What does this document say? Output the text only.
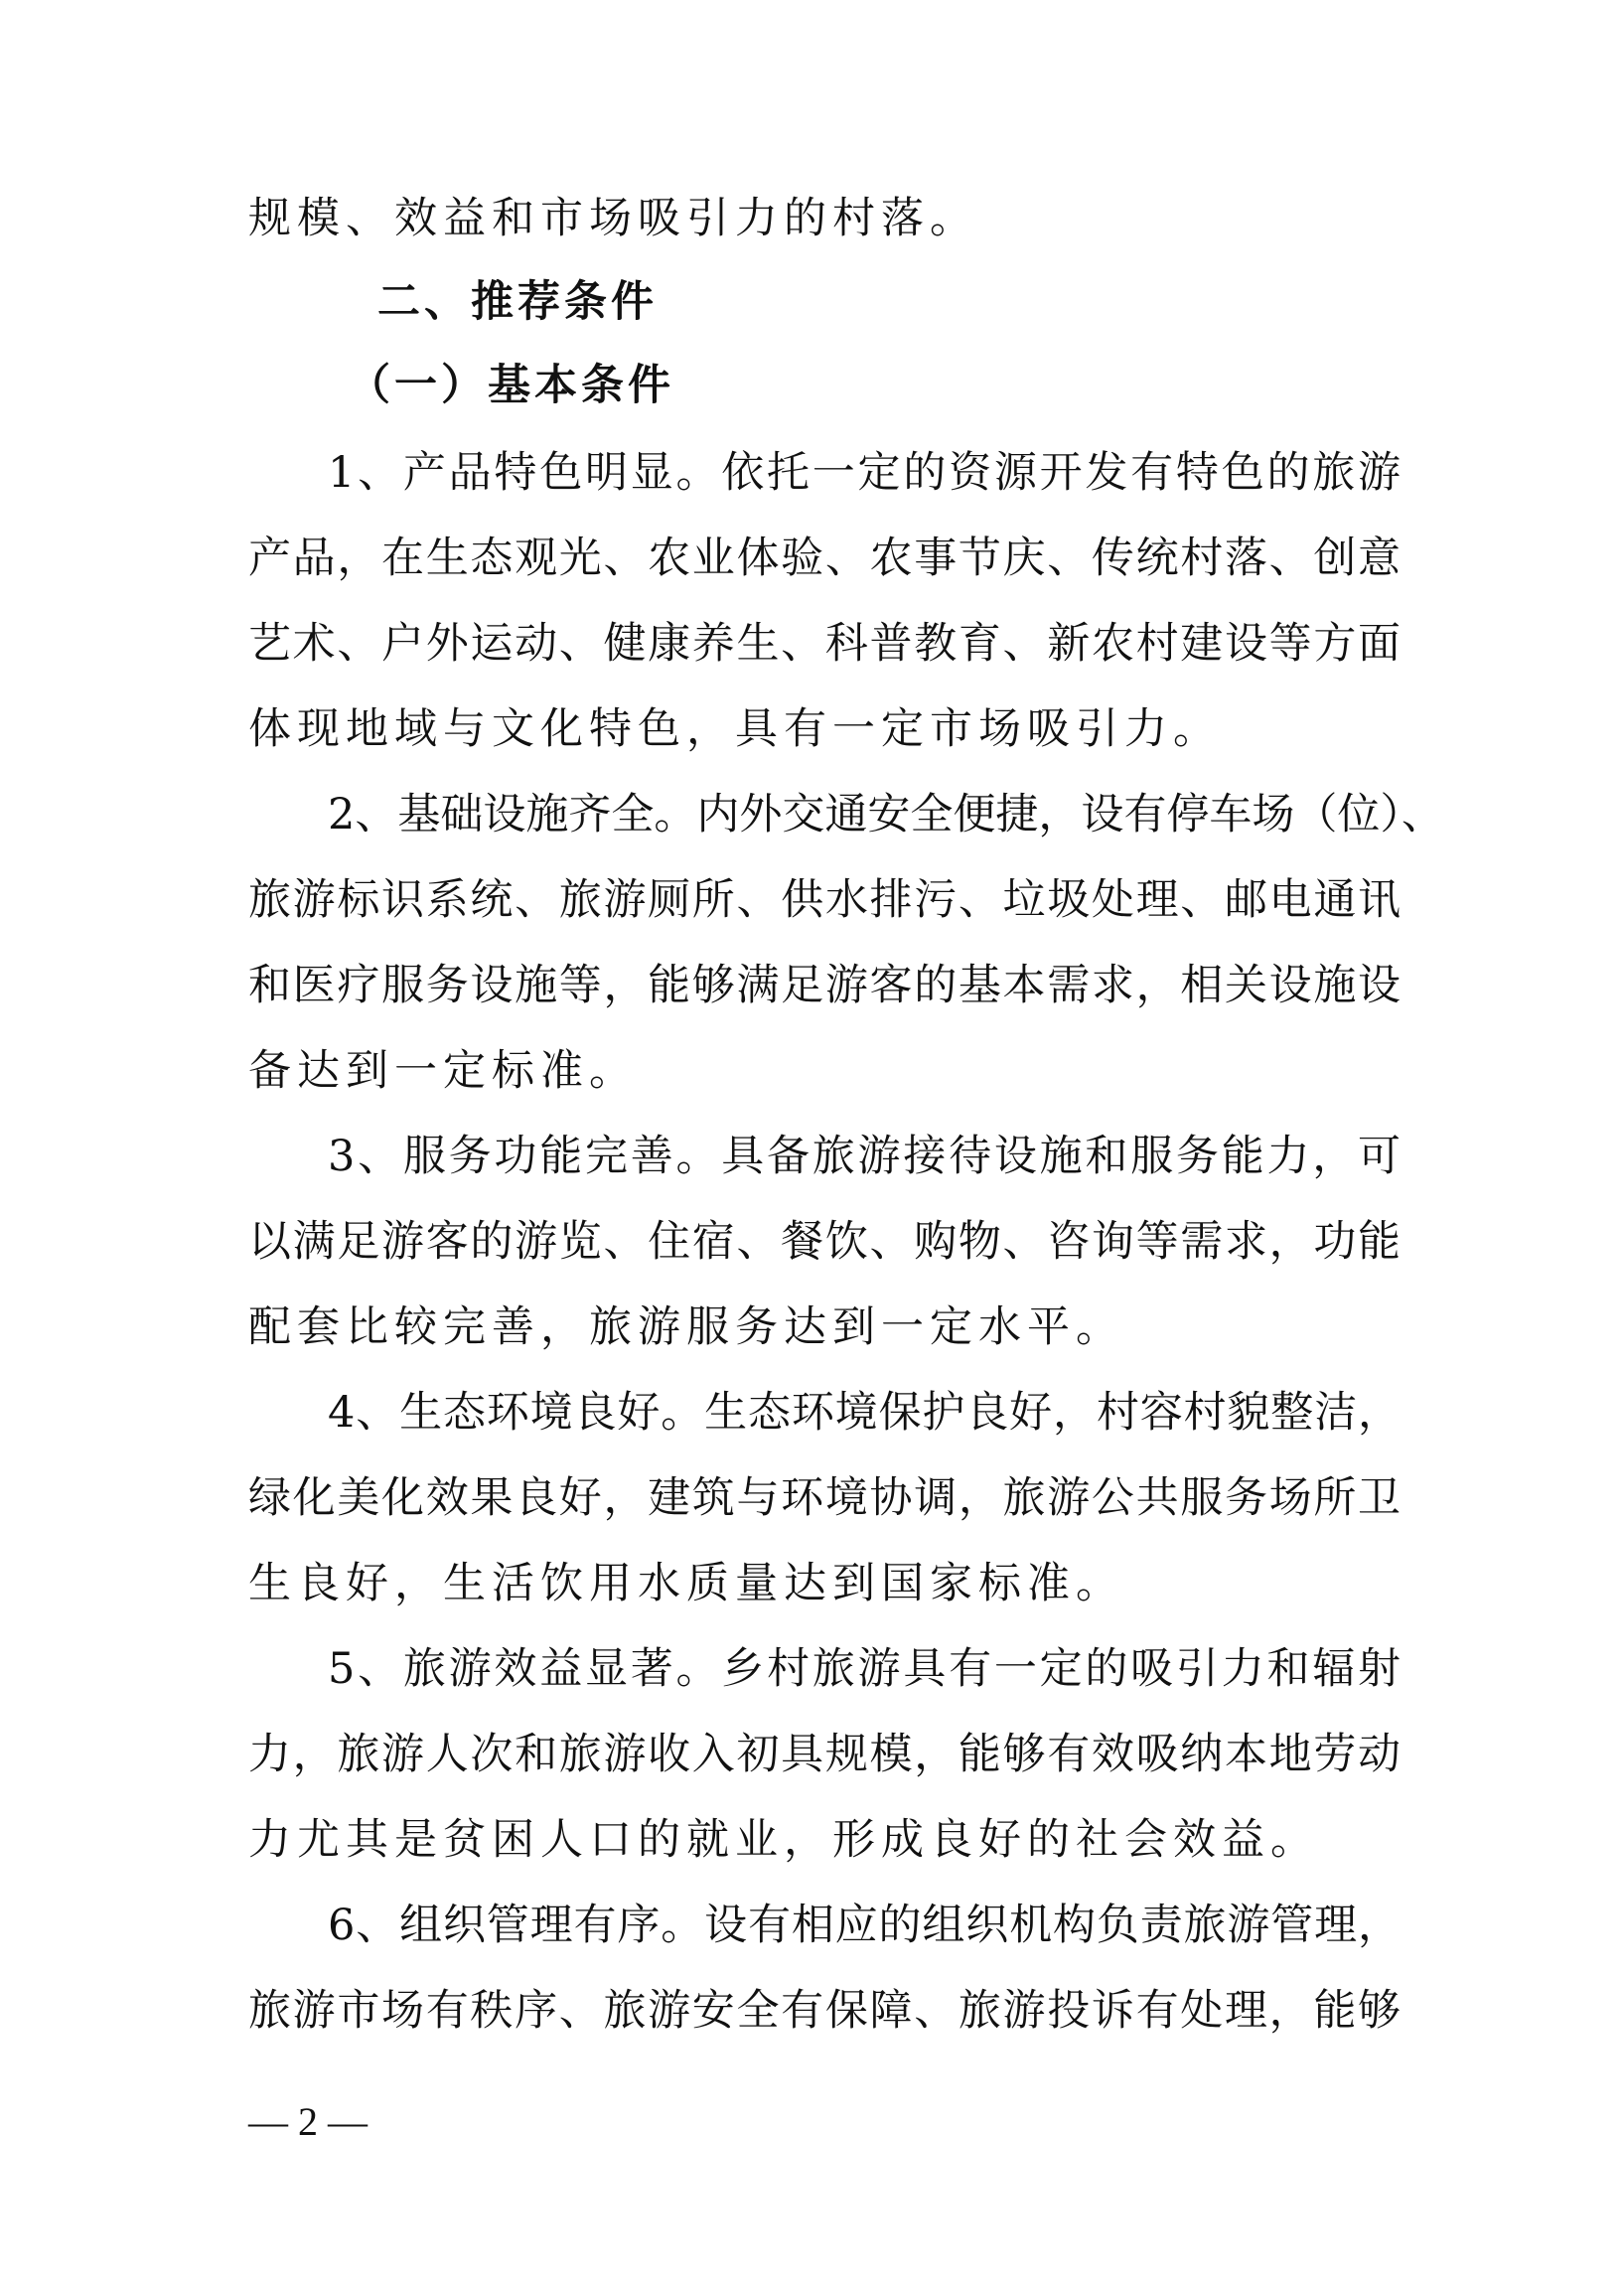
规模、效益和市场吸引力的村落。
二、推荐条件
（一）基本条件
1、产品特色明显。依托一定的资源开发有特色的旅游
产品，在生态观光、农业体验、农事节庆、传统村落、创意
艺术、户外运动、健康养生、科普教育、新农村建设等方面
体现地域与文化特色，具有一定市场吸引力。
2、基础设施齐全。内外交通安全便捷，设有停车场（位）、
旅游标识系统、旅游厕所、供水排污、垃圾处理、邮电通讯
和医疗服务设施等，能够满足游客的基本需求，相关设施设
备达到一定标准。
3、服务功能完善。具备旅游接待设施和服务能力，可
以满足游客的游览、住宿、餐饮、购物、咨询等需求，功能
配套比较完善，旅游服务达到一定水平。
4、生态环境良好。生态环境保护良好，村容村貌整洁，
绿化美化效果良好，建筑与环境协调，旅游公共服务场所卫
生良好，生活饮用水质量达到国家标准。
5、旅游效益显著。乡村旅游具有一定的吸引力和辐射
力，旅游人次和旅游收入初具规模，能够有效吸纳本地劳动
力尤其是贫困人口的就业，形成良好的社会效益。
6、组织管理有序。设有相应的组织机构负责旅游管理，
旅游市场有秩序、旅游安全有保障、旅游投诉有处理，能够
— 2 —
